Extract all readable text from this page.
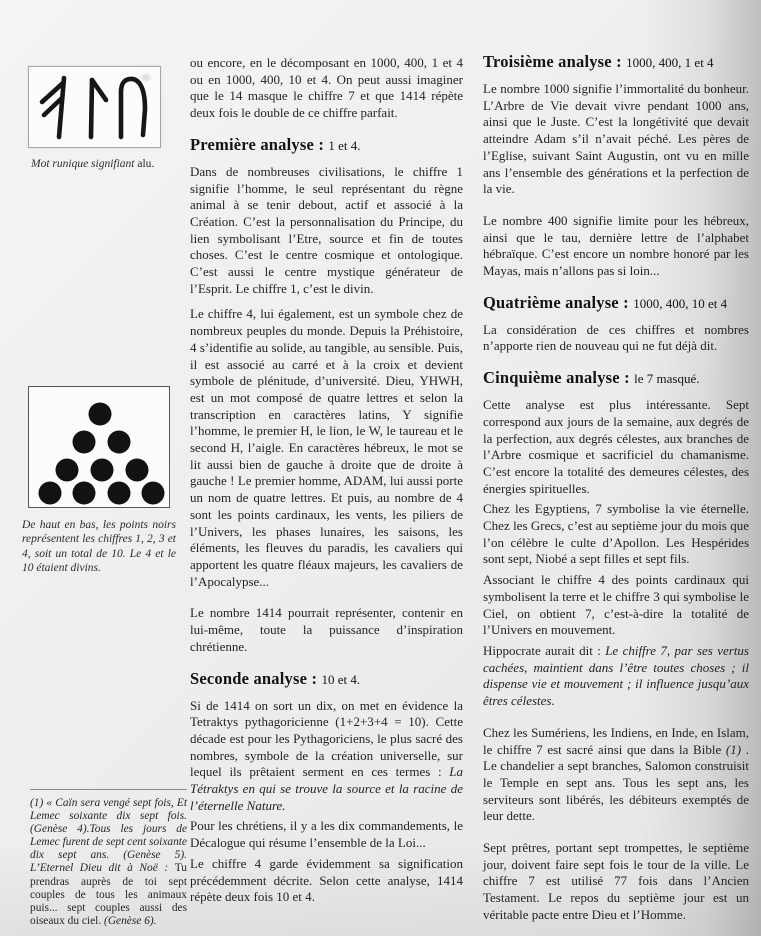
Mot runique signifiant alu.
De haut en bas, les points noirs représentent les chiffres 1, 2, 3 et 4, soit un total de 10. Le 4 et le 10 étaient divins.
(1) « Caïn sera vengé sept fois, Et Lemec soixante dix sept fois. (Genèse 4).Tous les jours de Lemec furent de sept cent soixante dix sept ans. (Genèse 5). L’Eternel Dieu dit à Noë : Tu prendras auprès de toi sept couples de tous les animaux puis... sept couples aussi des oiseaux du ciel. (Genèse 6).

ou encore, en le décomposant en 1000, 400, 1 et 4 ou en 1000, 400, 10 et 4. On peut aussi imaginer que le 14 masque le chiffre 7 et que 1414 répète deux fois le double de ce chiffre parfait.

Première analyse : 1 et 4.

Dans de nombreuses civilisations, le chiffre 1 signifie l’homme, le seul représentant du règne animal à se tenir debout, actif et associé à la Création. C’est la personnalisation du Principe, du lien symbolisant l’Etre, source et fin de toutes choses. C’est le centre cosmique et ontologique. C’est aussi le centre mystique générateur de l’Esprit. Le chiffre 1, c’est le divin.

Le chiffre 4, lui également, est un symbole chez de nombreux peuples du monde. Depuis la Préhistoire, 4 s’identifie au solide, au tangible, au sensible. Puis, il est associé au carré et à la croix et devient symbole de plénitude, d’université. Dieu, YHWH, est un mot composé de quatre lettres et selon la transcription en caractères latins, Y signifie l’homme, le premier H, le lion, le W, le taureau et le second H, l’aigle. En caractères hébreux, le mot se lit aussi bien de gauche à droite que de droite à gauche ! Le premier homme, ADAM, lui aussi porte un nom de quatre lettres. Et puis, au nombre de 4 sont les points cardinaux, les vents, les piliers de l’Univers, les phases lunaires, les saisons, les éléments, les fleuves du paradis, les cavaliers qui apportent les quatre fléaux majeurs, les cavaliers de l’Apocalypse...

Le nombre 1414 pourrait représenter, contenir en lui-même, toute la puissance d’inspiration chrétienne.

Seconde analyse : 10 et 4.

Si de 1414 on sort un dix, on met en évidence la Tetraktys pythagoricienne (1+2+3+4 = 10). Cette décade est pour les Pythagoriciens, le plus sacré des nombres, symbole de la création universelle, sur lequel ils prêtaient serment en ces termes : La Tétraktys en qui se trouve la source et la racine de l’éternelle Nature.

Pour les chrétiens, il y a les dix commandements, le Décalogue qui résume l’ensemble de la Loi...

Le chiffre 4 garde évidemment sa signification précédemment décrite. Selon cette analyse, 1414 répète deux fois 10 et 4.

Troisième analyse : 1000, 400, 1 et 4

Le nombre 1000 signifie l’immortalité du bonheur. L’Arbre de Vie devait vivre pendant 1000 ans, ainsi que le Juste. C’est la longétivité que devait atteindre Adam s’il n’avait péché. Les pères de l’Eglise, suivant Saint Augustin, ont vu en mille ans l’ensemble des générations et la perfection de la vie.

Le nombre 400 signifie limite pour les hébreux, ainsi que le tau, dernière lettre de l’alphabet hébraïque. C’est encore un nombre honoré par les Mayas, mais n’allons pas si loin...

Quatrième analyse : 1000, 400, 10 et 4

La considération de ces chiffres et nombres n’apporte rien de nouveau qui ne fut déjà dit.

Cinquième analyse : le 7 masqué.

Cette analyse est plus intéressante. Sept correspond aux jours de la semaine, aux degrés de la perfection, aux degrés célestes, aux branches de l’Arbre cosmique et sacrificiel du chamanisme. C’est encore la totalité des demeures célestes, des énergies spirituelles.

Chez les Egyptiens, 7 symbolise la vie éternelle. Chez les Grecs, c’est au septième jour du mois que l’on célèbre le culte d’Apollon. Les Hespérides sont sept, Niobé a sept filles et sept fils.

Associant le chiffre 4 des points cardinaux qui symbolisent la terre et le chiffre 3 qui symbolise le Ciel, on obtient 7, c’est-à-dire la totalité de l’Univers en mouvement.

Hippocrate aurait dit : Le chiffre 7, par ses vertus cachées, maintient dans l’être toutes choses ; il dispense vie et mouvement ; il influence jusqu’aux êtres célestes.

Chez les Sumériens, les Indiens, en Inde, en Islam, le chiffre 7 est sacré ainsi que dans la Bible (1) . Le chandelier a sept branches, Salomon construisit le Temple en sept ans. Tous les sept ans, les serviteurs sont libérés, les débiteurs exemptés de leur dette.

Sept prêtres, portant sept trompettes, le septième jour, doivent faire sept fois le tour de la ville. Le chiffre 7 est utilisé 77 fois dans l’Ancien Testament. Le repos du septième jour est un véritable pacte entre Dieu et l’Homme.
